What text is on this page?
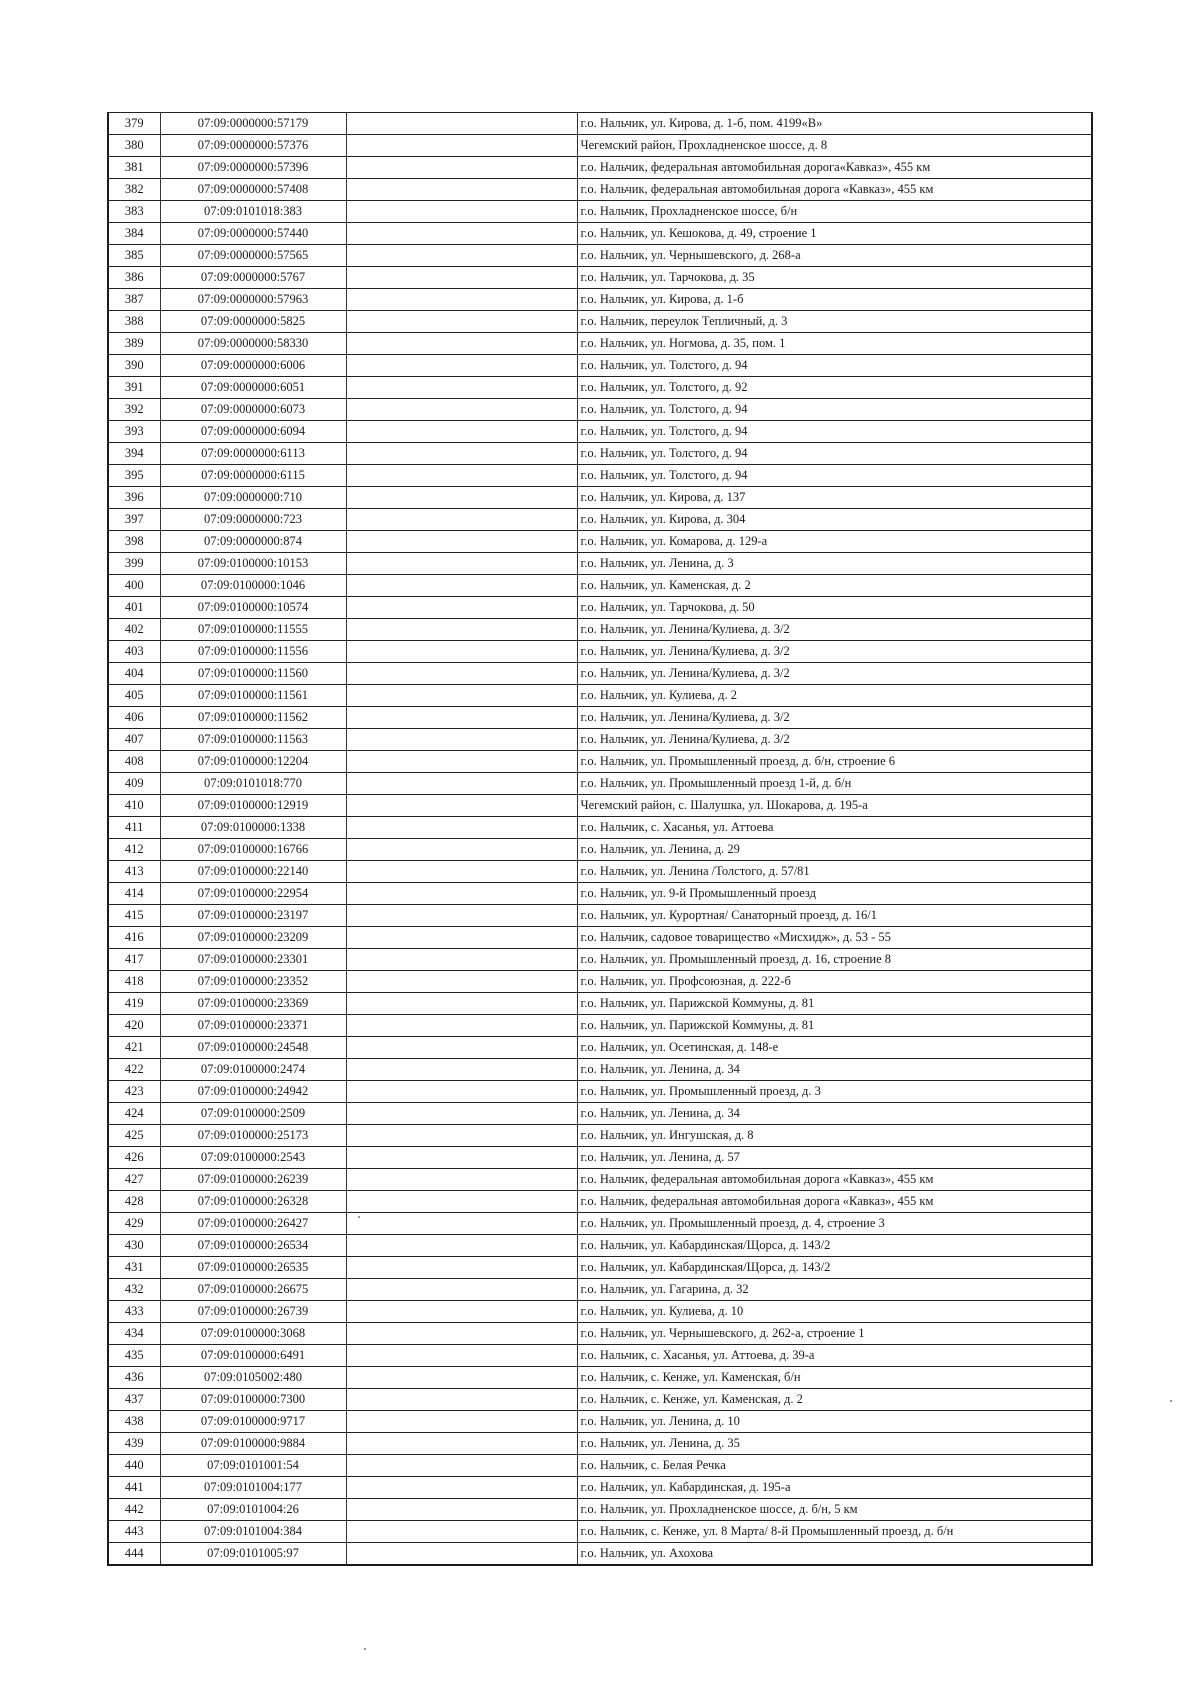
379	07:09:0000000:57179		г.о. Нальчик, ул. Кирова, д. 1-б, пом. 4199«В»
380	07:09:0000000:57376		Чегемский район, Прохладненское шоссе, д. 8
381	07:09:0000000:57396		г.о. Нальчик, федеральная автомобильная дорога«Кавказ», 455 км
382	07:09:0000000:57408		г.о. Нальчик, федеральная автомобильная дорога «Кавказ», 455 км
383	07:09:0101018:383		г.о. Нальчик, Прохладненское шоссе, б/н
384	07:09:0000000:57440		г.о. Нальчик, ул. Кешокова, д. 49, строение 1
385	07:09:0000000:57565		г.о. Нальчик, ул. Чернышевского, д. 268-а
386	07:09:0000000:5767		г.о. Нальчик, ул. Тарчокова, д. 35
387	07:09:0000000:57963		г.о. Нальчик, ул. Кирова, д. 1-б
388	07:09:0000000:5825		г.о. Нальчик, переулок Тепличный, д. 3
389	07:09:0000000:58330		г.о. Нальчик, ул. Ногмова, д. 35, пом. 1
390	07:09:0000000:6006		г.о. Нальчик, ул. Толстого, д. 94
391	07:09:0000000:6051		г.о. Нальчик, ул. Толстого, д. 92
392	07:09:0000000:6073		г.о. Нальчик, ул. Толстого, д. 94
393	07:09:0000000:6094		г.о. Нальчик, ул. Толстого, д. 94
394	07:09:0000000:6113		г.о. Нальчик, ул. Толстого, д. 94
395	07:09:0000000:6115		г.о. Нальчик, ул. Толстого, д. 94
396	07:09:0000000:710		г.о. Нальчик, ул. Кирова, д. 137
397	07:09:0000000:723		г.о. Нальчик, ул. Кирова, д. 304
398	07:09:0000000:874		г.о. Нальчик, ул. Комарова, д. 129-а
399	07:09:0100000:10153		г.о. Нальчик, ул. Ленина, д. 3
400	07:09:0100000:1046		г.о. Нальчик, ул. Каменская, д. 2
401	07:09:0100000:10574		г.о. Нальчик, ул. Тарчокова, д. 50
402	07:09:0100000:11555		г.о. Нальчик, ул. Ленина/Кулиева, д. 3/2
403	07:09:0100000:11556		г.о. Нальчик, ул. Ленина/Кулиева, д. 3/2
404	07:09:0100000:11560		г.о. Нальчик, ул. Ленина/Кулиева, д. 3/2
405	07:09:0100000:11561		г.о. Нальчик, ул. Кулиева, д. 2
406	07:09:0100000:11562		г.о. Нальчик, ул. Ленина/Кулиева, д. 3/2
407	07:09:0100000:11563		г.о. Нальчик, ул. Ленина/Кулиева, д. 3/2
408	07:09:0100000:12204		г.о. Нальчик, ул. Промышленный проезд, д. б/н, строение 6
409	07:09:0101018:770		г.о. Нальчик, ул. Промышленный проезд 1-й, д. б/н
410	07:09:0100000:12919		Чегемский район, с. Шалушка, ул. Шокарова, д. 195-а
411	07:09:0100000:1338		г.о. Нальчик, с. Хасанья, ул. Аттоева
412	07:09:0100000:16766		г.о. Нальчик, ул. Ленина, д. 29
413	07:09:0100000:22140		г.о. Нальчик, ул. Ленина /Толстого, д. 57/81
414	07:09:0100000:22954		г.о. Нальчик, ул. 9-й Промышленный проезд
415	07:09:0100000:23197		г.о. Нальчик, ул. Курортная/ Санаторный проезд, д. 16/1
416	07:09:0100000:23209		г.о. Нальчик, садовое товарищество «Мисхидж», д. 53 - 55
417	07:09:0100000:23301		г.о. Нальчик, ул. Промышленный проезд, д. 16, строение 8
418	07:09:0100000:23352		г.о. Нальчик, ул. Профсоюзная, д. 222-б
419	07:09:0100000:23369		г.о. Нальчик, ул. Парижской Коммуны, д. 81
420	07:09:0100000:23371		г.о. Нальчик, ул. Парижской Коммуны, д. 81
421	07:09:0100000:24548		г.о. Нальчик, ул. Осетинская, д. 148-е
422	07:09:0100000:2474		г.о. Нальчик, ул. Ленина, д. 34
423	07:09:0100000:24942		г.о. Нальчик, ул. Промышленный проезд, д. 3
424	07:09:0100000:2509		г.о. Нальчик, ул. Ленина, д. 34
425	07:09:0100000:25173		г.о. Нальчик, ул. Ингушская, д. 8
426	07:09:0100000:2543		г.о. Нальчик, ул. Ленина, д. 57
427	07:09:0100000:26239		г.о. Нальчик, федеральная автомобильная дорога «Кавказ», 455 км
428	07:09:0100000:26328		г.о. Нальчик, федеральная автомобильная дорога «Кавказ», 455 км
429	07:09:0100000:26427		г.о. Нальчик, ул. Промышленный проезд, д. 4, строение 3
430	07:09:0100000:26534		г.о. Нальчик, ул. Кабардинская/Щорса, д. 143/2
431	07:09:0100000:26535		г.о. Нальчик, ул. Кабардинская/Щорса, д. 143/2
432	07:09:0100000:26675		г.о. Нальчик, ул. Гагарина, д. 32
433	07:09:0100000:26739		г.о. Нальчик, ул. Кулиева, д. 10
434	07:09:0100000:3068		г.о. Нальчик, ул. Чернышевского, д. 262-а, строение 1
435	07:09:0100000:6491		г.о. Нальчик, с. Хасанья, ул. Аттоева, д. 39-а
436	07:09:0105002:480		г.о. Нальчик, с. Кенже, ул. Каменская, б/н
437	07:09:0100000:7300		г.о. Нальчик, с. Кенже, ул. Каменская, д. 2
438	07:09:0100000:9717		г.о. Нальчик, ул. Ленина, д. 10
439	07:09:0100000:9884		г.о. Нальчик, ул. Ленина, д. 35
440	07:09:0101001:54		г.о. Нальчик, с. Белая Речка
441	07:09:0101004:177		г.о. Нальчик, ул. Кабардинская, д. 195-а
442	07:09:0101004:26		г.о. Нальчик, ул. Прохладненское шоссе, д. б/н, 5 км
443	07:09:0101004:384		г.о. Нальчик, с. Кенже, ул. 8 Марта/ 8-й Промышленный проезд, д. б/н
444	07:09:0101005:97		г.о. Нальчик, ул. Ахохова
